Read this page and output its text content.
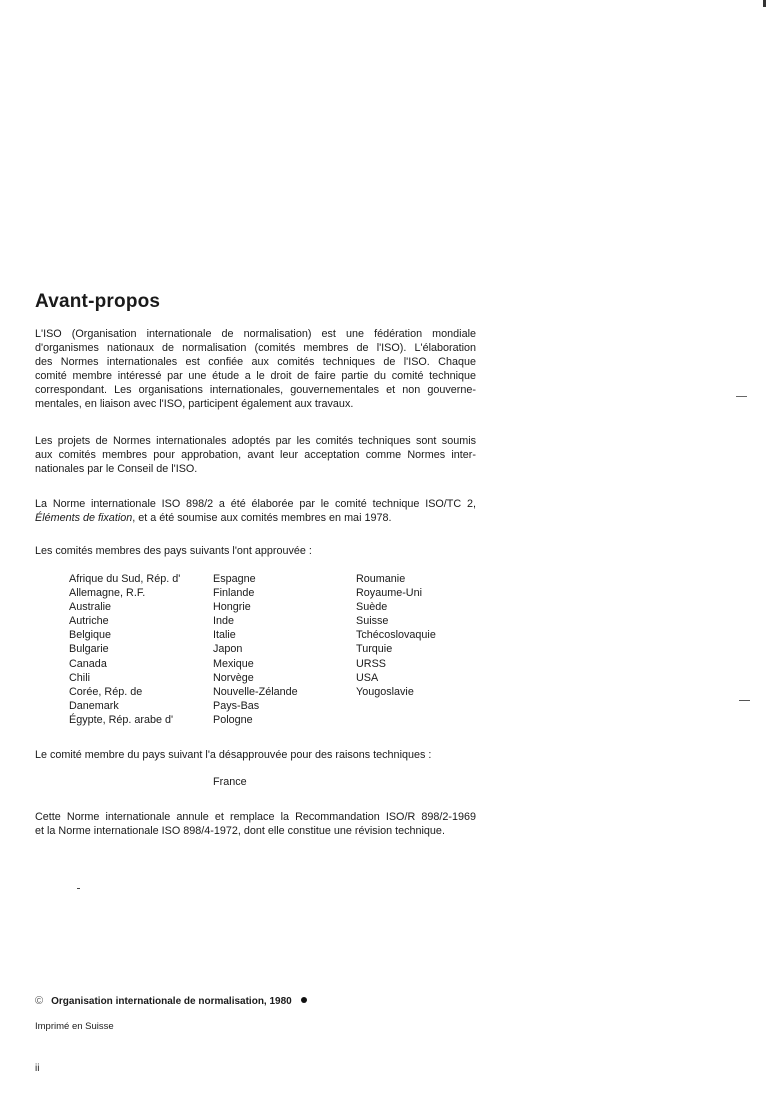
Avant-propos

L'ISO (Organisation internationale de normalisation) est une fédération mondiale
d'organismes nationaux de normalisation (comités membres de l'ISO). L'élaboration
des Normes internationales est confiée aux comités techniques de l'ISO. Chaque
comité membre intéressé par une étude a le droit de faire partie du comité technique
correspondant. Les organisations internationales, gouvernementales et non gouverne-
mentales, en liaison avec l'ISO, participent également aux travaux.

Les projets de Normes internationales adoptés par les comités techniques sont soumis
aux comités membres pour approbation, avant leur acceptation comme Normes inter-
nationales par le Conseil de l'ISO.

La Norme internationale ISO 898/2 a été élaborée par le comité technique ISO/TC 2,
Éléments de fixation, et a été soumise aux comités membres en mai 1978.

Les comités membres des pays suivants l'ont approuvée :

Afrique du Sud, Rép. d'
Allemagne, R.F.
Australie
Autriche
Belgique
Bulgarie
Canada
Chili
Corée, Rép. de
Danemark
Égypte, Rép. arabe d'
Espagne
Finlande
Hongrie
Inde
Italie
Japon
Mexique
Norvège
Nouvelle-Zélande
Pays-Bas
Pologne
Roumanie
Royaume-Uni
Suède
Suisse
Tchécoslovaquie
Turquie
URSS
USA
Yougoslavie

Le comité membre du pays suivant l'a désapprouvée pour des raisons techniques :

France

Cette Norme internationale annule et remplace la Recommandation ISO/R 898/2-1969
et la Norme internationale ISO 898/4-1972, dont elle constitue une révision technique.

© Organisation internationale de normalisation, 1980
Imprimé en Suisse
ii
